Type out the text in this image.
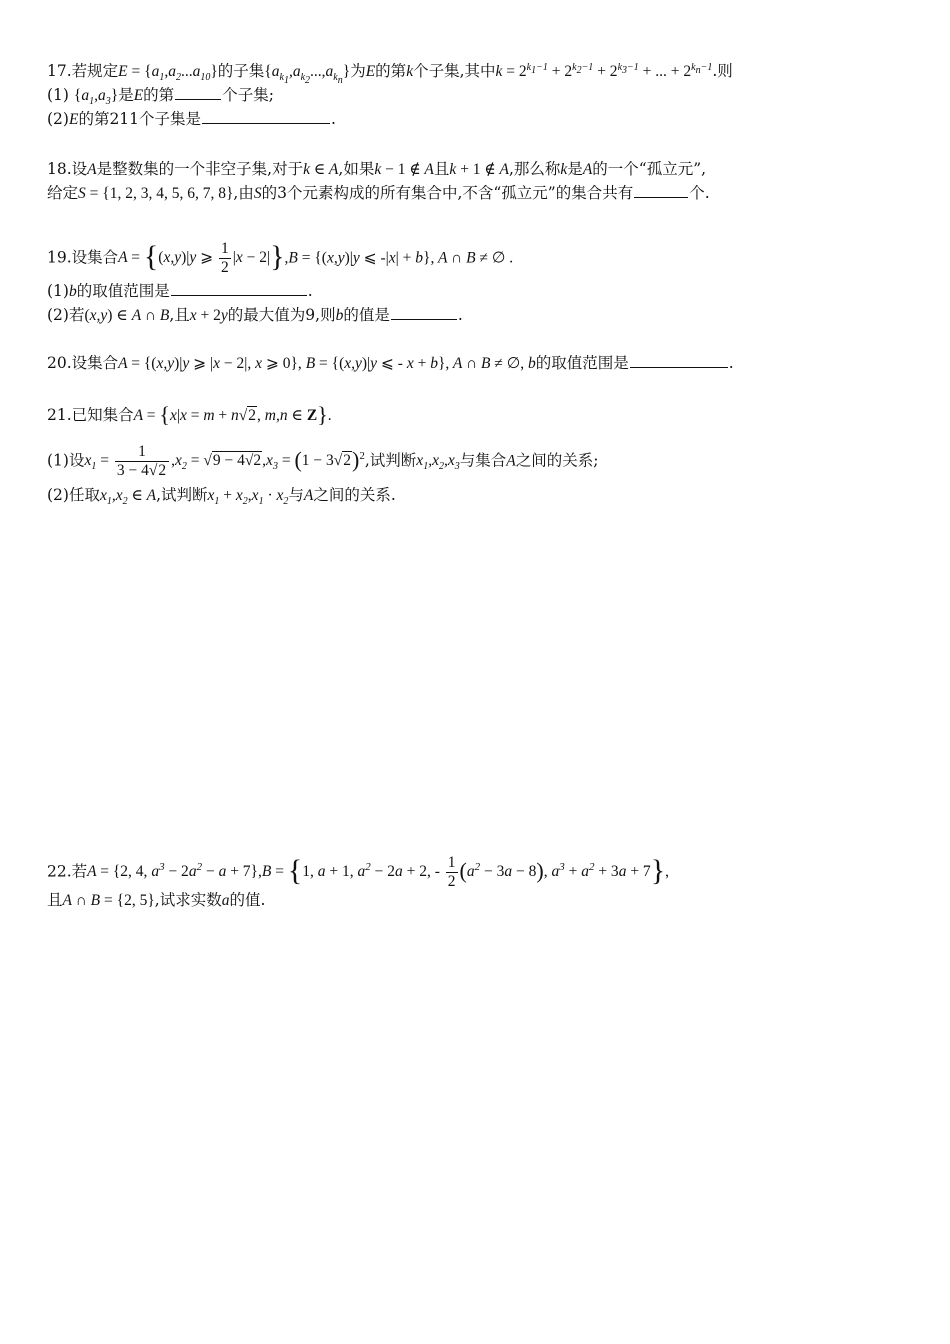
17.若规定$E = \{a_1,a_2...a_{10}\}$的子集$\{a_{k_1},a_{k_2}...,a_{k_n}\}$为E的第k个子集,其中$k = 2^{k_1-1} + 2^{k_2-1} + 2^{k_3-1}$ + ... + $2^{k_n-1}$.则
(1) $\{a_1,a_3\}$是E的第	个子集;
(2)E的第211个子集是	.
18.设A是整数集的一个非空子集,对于k ∈ A,如果k − 1 ∉ A且k + 1 ∉ A,那么称k是A的一个“孤立元”,
给定S = {1, 2, 3, 4, 5, 6, 7, 8},由S的3个元素构成的所有集合中,不含“孤立元”的集合共有	个.
19.设集合A = {(x,y)|y ⩾ $\frac{1}{2} |x - 2|\},B = \{(x,y)|y$ ⩽ -|x| + b}, A ∩ B ≠ ∅ .
(1)b的取值范围是	.
(2)若(x,y) ∈ A ∩ B,且x + 2y的最大值为9,则b的值是	.
20.设集合A = {(x,y)|y ⩾ |x − 2|, x ⩾ 0}, B = {(x,y)|y ⩽ - x + b}, A ∩ B ≠ ∅, b的取值范围是	.
21.已知集合A = {x|x = m + n√2, m,n ∈ Z}.
(1)设$x_1 = \frac{1}{3 - 4√2} ,x_2 = √9 - 4√2,x_3 = (1 - 3√2)^2$,试判断$x_1,x_2,x_3$与集合A之间的关系;
(2)任取$x_1,x_2$ ∈ A,试判断$x_1 + x_2,x_1 \cdot x_2$与A之间的关系.
22.若A = {2, 4, $a^3 - 2a^2 - a + 7\},B = \{1$, a + 1, $a^2 - 2a + 2$, - $\frac{1}{2} (a^2 - 3a - 8)$, $a^3 + a^2 + 3a + 7$},
且A ∩ B = {2, 5},试求实数a的值.
